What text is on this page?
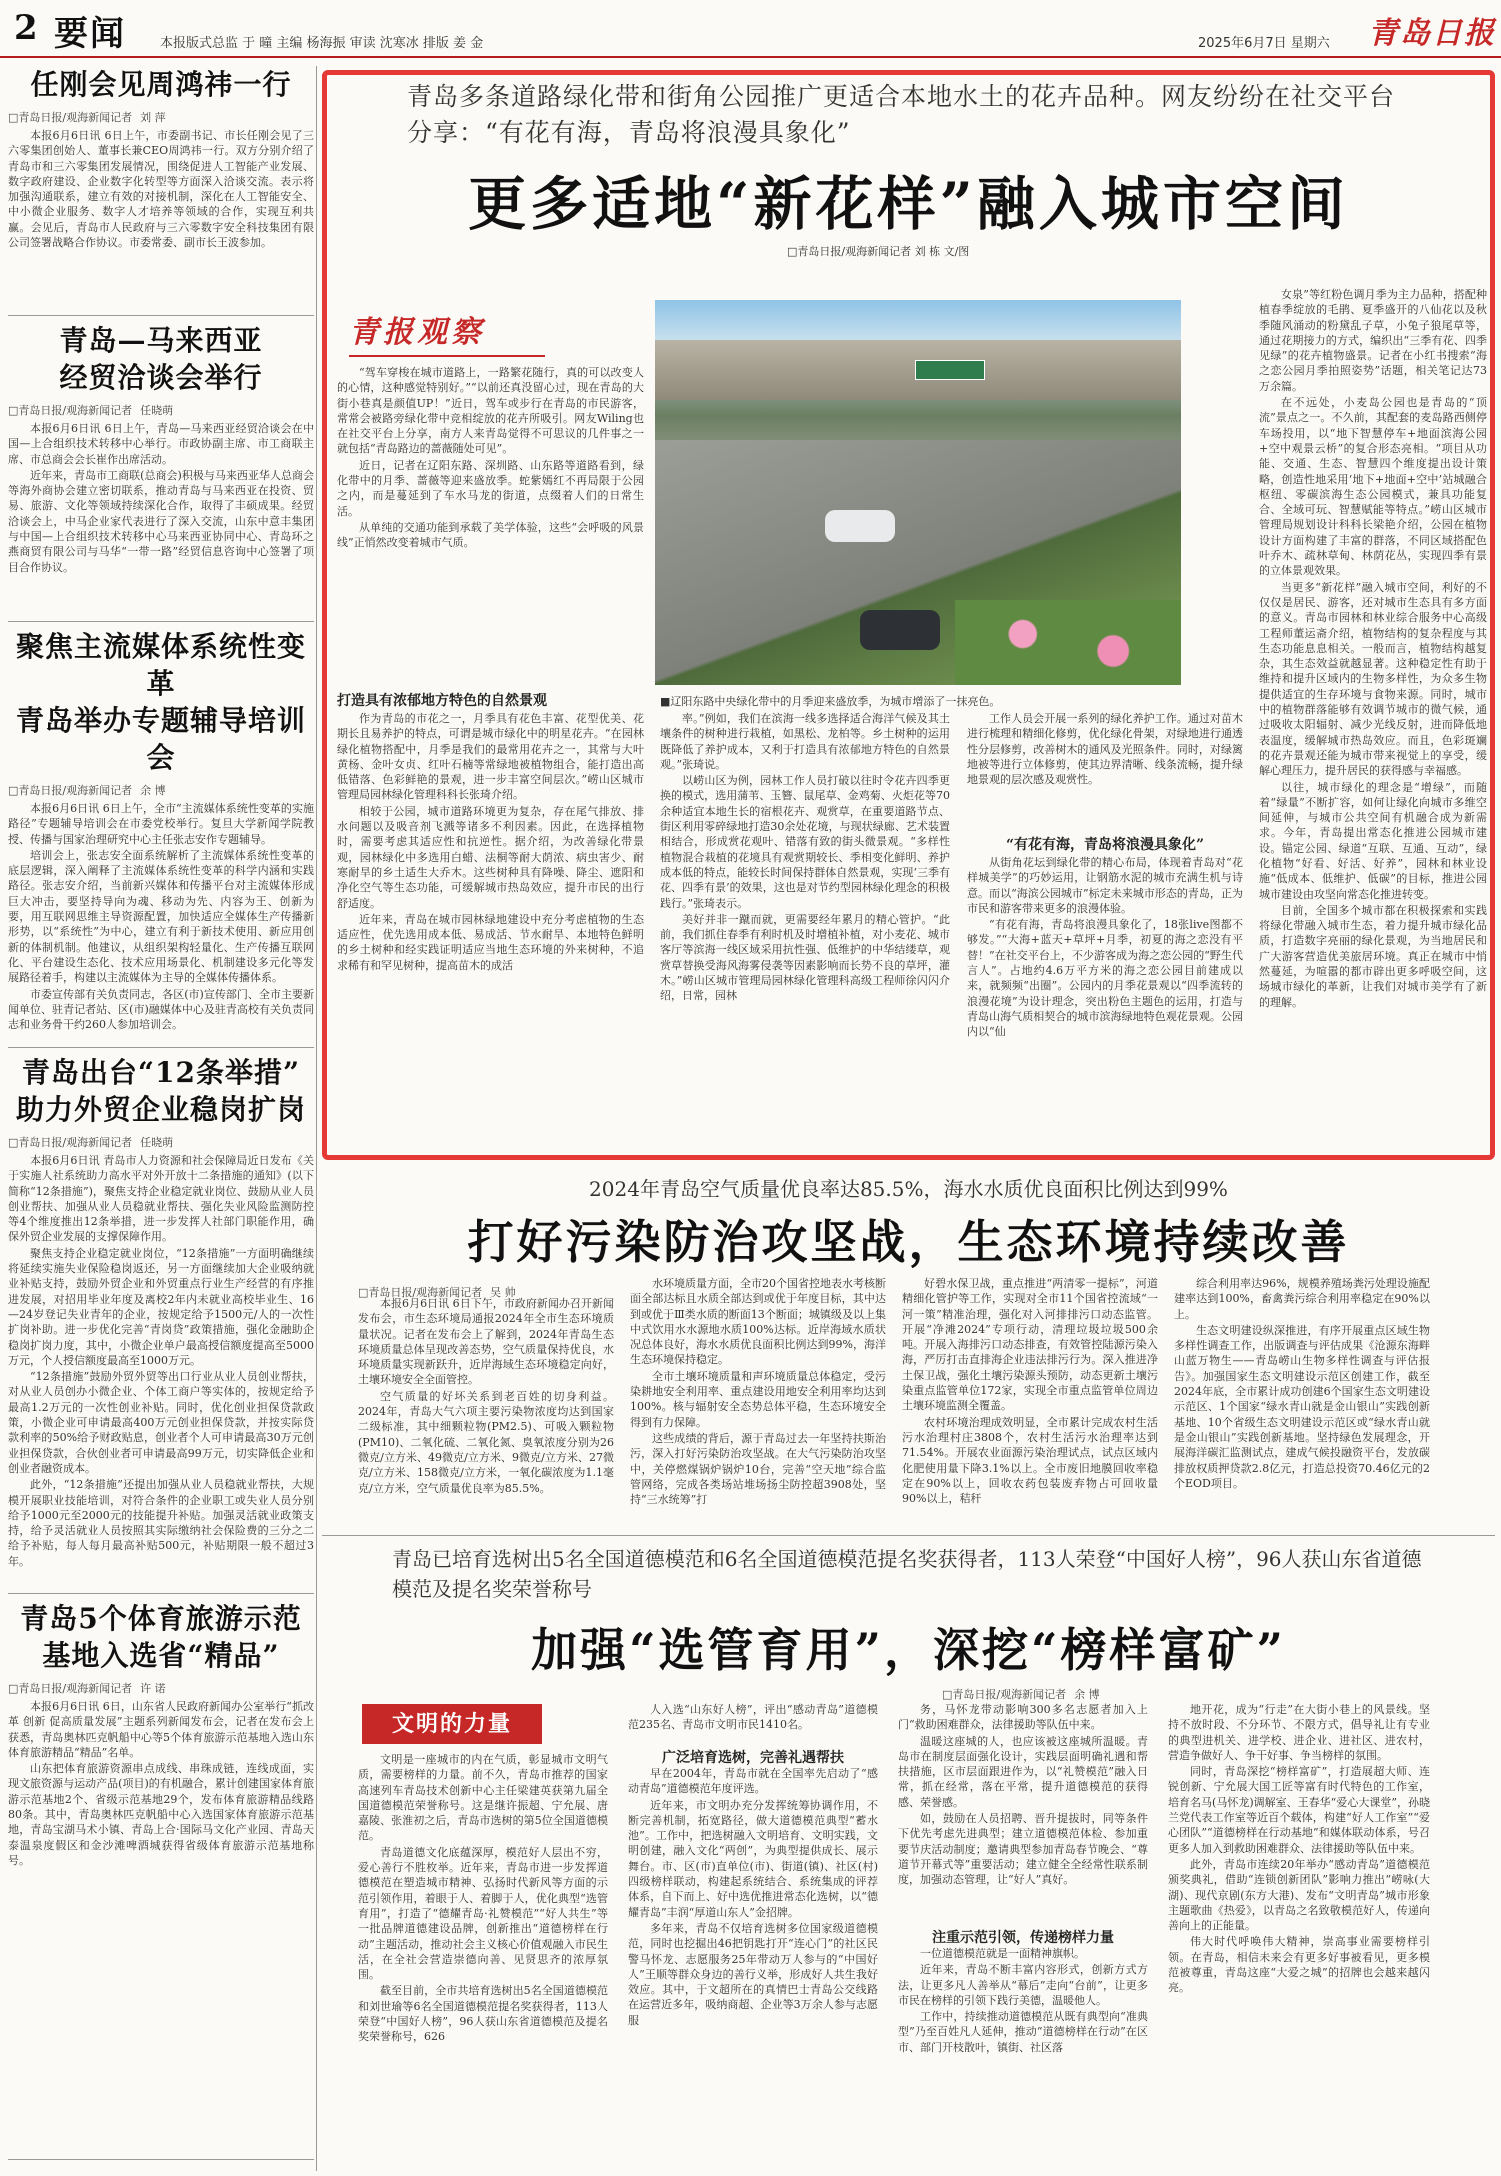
2 要闻	本报版式总监 于 曈 主编 杨海振 审读 沈寒冰 排版 姜 金	2025年6月7日 星期六 青岛日报
任刚会见周鸿祎一行
□青岛日报/观海新闻记者 刘 萍

本报6月6日讯 6日上午，市委副书记、市长任刚会见了三六零集团创始人、董事长兼CEO周鸿祎一行。双方分别介绍了青岛市和三六零集团发展情况，围绕促进人工智能产业发展、数字政府建设、企业数字化转型等方面深入洽谈交流。表示将加强沟通联系，建立有效的对接机制，深化在人工智能安全、中小微企业服务、数字人才培养等领域的合作，实现互利共赢。会见后，青岛市人民政府与三六零数字安全科技集团有限公司签署战略合作协议。市委常委、副市长王波参加。

青岛—马来西亚
经贸洽谈会举行
□青岛日报/观海新闻记者 任晓萌

本报6月6日讯 6日上午，青岛—马来西亚经贸洽谈会在中国—上合组织技术转移中心举行。市政协副主席、市工商联主席、市总商会会长崔作出席活动。

近年来，青岛市工商联(总商会)积极与马来西亚华人总商会等海外商协会建立密切联系，推动青岛与马来西亚在投资、贸易、旅游、文化等领域持续深化合作，取得了丰硕成果。经贸洽谈会上，中马企业家代表进行了深入交流，山东中意丰集团与中国—上合组织技术转移中心马来西亚协同中心、青岛环之燕商贸有限公司与马华“一带一路”经贸信息咨询中心签署了项目合作协议。

聚焦主流媒体系统性变革
青岛举办专题辅导培训会
□青岛日报/观海新闻记者 余 博

本报6月6日讯 6日上午，全市“主流媒体系统性变革的实施路径”专题辅导培训会在市委党校举行。复旦大学新闻学院教授、传播与国家治理研究中心主任张志安作专题辅导。

培训会上，张志安全面系统解析了主流媒体系统性变革的底层逻辑，深入阐释了主流媒体系统性变革的科学内涵和实践路径。张志安介绍，当前新兴媒体和传播平台对主流媒体形成巨大冲击，要坚持导向为魂、移动为先、内容为王、创新为要，用互联网思维主导资源配置，加快适应全媒体生产传播新形势，以“系统性”为中心，建立有利于新技术使用、新应用创新的体制机制。他建议，从组织架构轻量化、生产传播互联网化、平台建设生态化、技术应用场景化、机制建设多元化等发展路径着手，构建以主流媒体为主导的全媒体传播体系。

市委宣传部有关负责同志，各区(市)宣传部门、全市主要新闻单位、驻青记者站、区(市)融媒体中心及驻青高校有关负责同志和业务骨干约260人参加培训会。

青岛出台“12条举措”
助力外贸企业稳岗扩岗
□青岛日报/观海新闻记者 任晓萌

本报6月6日讯 青岛市人力资源和社会保障局近日发布《关于实施人社系统助力高水平对外开放十二条措施的通知》(以下简称“12条措施”)，聚焦支持企业稳定就业岗位、鼓励从业人员创业帮扶、加强从业人员稳就业帮扶、强化失业风险监测防控等4个维度推出12条举措，进一步发挥人社部门职能作用，确保外贸企业发展的支撑保障作用。

聚焦支持企业稳定就业岗位，“12条措施”一方面明确继续将延续实施失业保险稳岗返还，另一方面继续加大企业吸纳就业补贴支持，鼓励外贸企业和外贸重点行业生产经营的有序推进发展，对招用毕业年度及离校2年内未就业高校毕业生、16—24岁登记失业青年的企业，按规定给予1500元/人的一次性扩岗补助。进一步优化完善“青岗贷”政策措施，强化金融助企稳岗扩岗力度，其中，小微企业单户最高授信额度提高至5000万元，个人授信额度最高至1000万元。

“12条措施”鼓励外贸外贸等出口行业从业人员创业帮扶，对从业人员创办小微企业、个体工商户等实体的，按规定给予最高1.2万元的一次性创业补贴。同时，优化创业担保贷款政策，小微企业可申请最高400万元创业担保贷款，并按实际贷款利率的50%给予财政贴息，创业者个人可申请最高30万元创业担保贷款，合伙创业者可申请最高99万元，切实降低企业和创业者融资成本。

此外，“12条措施”还提出加强从业人员稳就业帮扶，大规模开展职业技能培训，对符合条件的企业职工或失业人员分别给予1000元至2000元的技能提升补贴。加强灵活就业政策支持，给予灵活就业人员按照其实际缴纳社会保险费的三分之二给予补贴，每人每月最高补贴500元，补贴期限一般不超过3年。

青岛5个体育旅游示范
基地入选省“精品”
□青岛日报/观海新闻记者 许 诺

本报6月6日讯 6日，山东省人民政府新闻办公室举行“抓改革 创新 促高质量发展”主题系列新闻发布会，记者在发布会上获悉，青岛奥林匹克帆船中心等5个体育旅游示范基地入选山东体育旅游精品“精品”名单。

山东把体育旅游资源串点成线、串珠成链，连线成面，实现文旅资源与运动产品(项目)的有机融合，累计创建国家体育旅游示范基地2个、省级示范基地29个，发布体育旅游精品线路80条。其中，青岛奥林匹克帆船中心入选国家体育旅游示范基地，青岛宝湖马术小镇、青岛上合·国际马文化产业园、青岛天泰温泉度假区和金沙滩啤酒城获得省级体育旅游示范基地称号。

青岛多条道路绿化带和街角公园推广更适合本地水土的花卉品种。网友纷纷在社交平台分享：“有花有海，青岛将浪漫具象化”
更多适地“新花样”融入城市空间
□青岛日报/观海新闻记者 刘 栋 文/图
青报观察

“驾车穿梭在城市道路上，一路繁花随行，真的可以改变人的心情，这种感觉特别好。”“以前还真没留心过，现在青岛的大街小巷真是颜值UP！”近日，驾车或步行在青岛的市民游客，常常会被路旁绿化带中竞相绽放的花卉所吸引。网友Wiling也在社交平台上分享，南方人来青岛觉得不可思议的几件事之一就包括“青岛路边的蔷薇随处可见”。

近日，记者在辽阳东路、深圳路、山东路等道路看到，绿化带中的月季、蔷薇等迎来盛放季。蛇紫嫣红不再局限于公园之内，而是蔓延到了车水马龙的街道，点缀着人们的日常生活。

从单纯的交通功能到承载了美学体验，这些“会呼吸的风景线”正悄然改变着城市气质。

打造具有浓郁地方特色的自然景观

作为青岛的市花之一，月季具有花色丰富、花型优美、花期长且易养护的特点，可谓是城市绿化中的明星花卉。“在园林绿化植物搭配中，月季是我们的最常用花卉之一，其常与大叶黄杨、金叶女贞、红叶石楠等常绿地被植物组合，能打造出高低错落、色彩鲜艳的景观，进一步丰富空间层次。”崂山区城市管理局园林绿化管理科科长张琦介绍。

相较于公园，城市道路环境更为复杂，存在尾气排放、排水问题以及吸音剂飞溅等诸多不利因素。因此，在选择植物时，需要考虑其适应性和抗逆性。据介绍，为改善绿化带景观，园林绿化中多选用白蜡、法桐等耐大荫浓、病虫害少、耐寒耐旱的乡土适生大乔木。这些树种具有降噪、降尘、遮阳和净化空气等生态功能，可缓解城市热岛效应，提升市民的出行舒适度。

近年来，青岛在城市园林绿地建设中充分考虑植物的生态适应性，优先选用成本低、易成活、节水耐旱、本地特色鲜明的乡土树种和经实践证明适应当地生态环境的外来树种，不追求稀有和罕见树种，提高苗木的成活

率。”例如，我们在滨海一线多选择适合海洋气候及其土壤条件的树种进行栽植，如黑松、龙柏等。乡土树种的运用既降低了养护成本，又利于打造具有浓郁地方特色的自然景观。”张琦说。

以崂山区为例，园林工作人员打破以往时令花卉四季更换的模式，选用蒲苇、玉簪、鼠尾草、金鸡菊、火炬花等70余种适宜本地生长的宿根花卉、观赏草，在重要道路节点、街区利用零碎绿地打造30余处花境，与现状绿廊、艺术装置相结合，形成赏花观叶、错落有致的街头微景观。“多样性植物混合栽植的花境具有观赏期较长、季相变化鲜明、养护成本低的特点，能较长时间保持群体自然景观，实现‘三季有花、四季有景’的效果，这也是对节约型园林绿化理念的积极践行。”张琦表示。

美好并非一蹴而就，更需要经年累月的精心管护。“此前，我们抓住春季有利时机及时增植补植，对小麦花、城市客厅等滨海一线区域采用抗性强、低维护的中华结缕草，观赏草替换受海风海雾侵袭等因素影响而长势不良的草坪，灌木。”崂山区城市管理局园林绿化管理科高级工程师徐闪闪介绍，日常，园林

工作人员会开展一系列的绿化养护工作。通过对苗木进行梳理和精细化修剪，优化绿化骨架，对绿地进行通透性分层修剪，改善树木的通风及光照条件。同时，对绿篱地被等进行立体修剪，使其边界清晰、线条流畅，提升绿地景观的层次感及观赏性。

“有花有海，青岛将浪漫具象化”

从街角花坛到绿化带的精心布局，体现着青岛对“花样城美学”的巧妙运用，让钢筋水泥的城市充满生机与诗意。而以“海滨公园城市”标定未来城市形态的青岛，正为市民和游客带来更多的浪漫体验。

“有花有海，青岛将浪漫具象化了，18张live图都不够发。”“大海+蓝天+草坪+月季，初夏的海之恋没有平替！”在社交平台上，不少游客成为海之恋公园的“野生代言人”。占地约4.6万平方米的海之恋公园目前建成以来，就频频“出圈”。公园内的月季花景观以“四季流转的浪漫花境”为设计理念，突出粉色主题色的运用，打造与青岛山海气质相契合的城市滨海绿地特色观花景观。公园内以“仙

女泉”等红粉色调月季为主力品种，搭配种植春季绽放的毛鹃、夏季盛开的八仙花以及秋季随风涌动的粉黛乱子草，小兔子狼尾草等，通过花期接力的方式，编织出“三季有花、四季见绿”的花卉植物盛景。记者在小红书搜索“海之恋公园月季拍照姿势”话题，相关笔记达73万余篇。

在不远处，小麦岛公园也是青岛的“顶流”景点之一。不久前，其配套的麦岛路西侧停车场投用，以“地下智慧停车+地面滨海公园+空中观景云桥”的复合形态亮相。“项目从功能、交通、生态、智慧四个维度提出设计策略，创造性地采用‘地下+地面+空中’站城融合枢纽、零碳滨海生态公园模式，兼具功能复合、全域可玩、智慧赋能等特点。”崂山区城市管理局规划设计科科长梁艳介绍，公园在植物设计方面构建了丰富的群落，不同区域搭配色叶乔木、疏林草甸、林荫花丛，实现四季有景的立体景观效果。

当更多“新花样”融入城市空间，利好的不仅仅是居民、游客，还对城市生态具有多方面的意义。青岛市园林和林业综合服务中心高级工程师董运斋介绍，植物结构的复杂程度与其生态功能息息相关。一般而言，植物结构越复杂，其生态效益就越显著。这种稳定性有助于维持和提升区域内的生物多样性，为众多生物提供适宜的生存环境与食物来源。同时，城市中的植物群落能够有效调节城市的微气候，通过吸收太阳辐射、减少光线反射，进而降低地表温度，缓解城市热岛效应。而且，色彩斑斓的花卉景观还能为城市带来视觉上的享受，缓解心理压力，提升居民的获得感与幸福感。

以往，城市绿化的理念是“增绿”，而随着“绿量”不断扩容，如何让绿化向城市多维空间延伸，与城市公共空间有机融合成为新需求。今年，青岛提出常态化推进公园城市建设。锚定公园、绿道“互联、互通、互动”，绿化植物“好看、好活、好养”，园林和林业设施“低成本、低维护、低碳”的目标，推进公园城市建设由攻坚向常态化推进转变。

目前，全国多个城市都在积极探索和实践将绿化带融入城市生态，着力提升城市绿化品质，打造数字亮丽的绿化景观，为当地居民和广大游客营造优美旅居环境。真正在城市中悄然蔓延，为喧嚣的都市辟出更多呼吸空间，这场城市绿化的革新，让我们对城市美学有了新的理解。

■辽阳东路中央绿化带中的月季迎来盛放季，为城市增添了一抹亮色。
2024年青岛空气质量优良率达85.5%，海水水质优良面积比例达到99%
打好污染防治攻坚战，生态环境持续改善
□青岛日报/观海新闻记者 吴 帅

本报6月6日讯 6日下午，市政府新闻办召开新闻发布会，市生态环境局通报2024年全市生态环境质量状况。记者在发布会上了解到，2024年青岛生态环境质量总体呈现改善态势，空气质量保持优良，水环境质量实现新跃升，近岸海域生态环境稳定向好，土壤环境安全全面管控。

空气质量的好坏关系到老百姓的切身利益。2024年，青岛大气六项主要污染物浓度均达到国家二级标准，其中细颗粒物(PM2.5)、可吸入颗粒物(PM10)、二氧化硫、二氧化氮、臭氧浓度分别为26微克/立方米、49微克/立方米、9微克/立方米、27微克/立方米、158微克/立方米，一氧化碳浓度为1.1毫克/立方米，空气质量优良率为85.5%。

水环境质量方面，全市20个国省控地表水考核断面全部达标且水质全部达到或优于年度目标，其中达到或优于Ⅲ类水质的断面13个断面；城镇级及以上集中式饮用水水源地水质100%达标。近岸海域水质状况总体良好，海水水质优良面积比例达到99%，海洋生态环境保持稳定。

全市土壤环境质量和声环境质量总体稳定，受污染耕地安全利用率、重点建设用地安全利用率均达到100%。核与辐射安全态势总体平稳，生态环境安全得到有力保障。

这些成绩的背后，源于青岛过去一年坚持扶斯治污，深入打好污染防治攻坚战。在大气污染防治攻坚中，关停燃煤锅炉锅炉10台，完善“空天地”综合监管网络，完成各类场站堆场扬尘防控超3908处，坚持“三水统筹”打

好碧水保卫战，重点推进“两清零一提标”，河道精细化管护等工作，实现对全市11个国省控流域“一河一策”精准治理，强化对入河排排污口动态监管。开展“净滩2024”专项行动，清理垃圾垃圾500余吨。开展入海排污口动态排查，有效管控陆源污染入海，严厉打击直排海企业违法排污行为。深入推进净土保卫战，强化土壤污染源头预防，动态更新土壤污染重点监管单位172家，实现全市重点监管单位周边土壤环境监测全覆盖。

农村环境治理成效明显，全市累计完成农村生活污水治理村庄3808个，农村生活污水治理率达到71.54%。开展农业面源污染治理试点，试点区域内化肥使用量下降3.1%以上。全市废旧地膜回收率稳定在90%以上，回收农药包装废弃物占可回收量90%以上，秸秆

综合利用率达96%，规模养殖场粪污处理设施配建率达到100%，畜禽粪污综合利用率稳定在90%以上。

生态文明建设纵深推进，有序开展重点区域生物多样性调查工作，出版调查与评估成果《沧源东海畔 山蓝万物生——青岛崂山生物多样性调查与评估报告》。加强国家生态文明建设示范区创建工作，截至2024年底，全市累计成功创建6个国家生态文明建设示范区、1个国家“绿水青山就是金山银山”实践创新基地、10个省级生态文明建设示范区或“绿水青山就是金山银山”实践创新基地。坚持绿色发展理念，开展海洋碳汇监测试点，建成气候投融资平台，发放碳排放权质押贷款2.8亿元，打造总投资70.46亿元的2个EOD项目。

青岛已培育选树出5名全国道德模范和6名全国道德模范提名奖获得者，113人荣登“中国好人榜”，96人获山东省道德模范及提名奖荣誉称号
加强“选管育用”，深挖“榜样富矿”
□青岛日报/观海新闻记者 余 博
文明的力量

文明是一座城市的内在气质，彰显城市文明气质，需要榜样的力量。前不久，青岛市推荐的国家高速列车青岛技术创新中心主任梁建英获第九届全国道德模范荣誉称号。这是继许振超、宁允展、唐嘉陵、张淮初之后，青岛市选树的第5位全国道德模范。

青岛道德文化底蕴深厚，模范好人层出不穷，爱心善行不胜枚举。近年来，青岛市进一步发挥道德模范在塑造城市精神、弘扬时代新风等方面的示范引领作用，着眼于人、着脚于人，优化典型“选管育用”，打造了“德耀青岛·礼赞模范”“好人共生”等一批品牌道德建设品牌，创新推出“道德榜样在行动”主题活动，推动社会主义核心价值观融入市民生活，在全社会营造崇德向善、见贤思齐的浓厚氛围。

截至目前，全市共培育选树出5名全国道德模范和刘世瑜等6名全国道德模范提名奖获得者，113人荣登“中国好人榜”，96人获山东省道德模范及提名奖荣誉称号，626

人入选“山东好人榜”，评出“感动青岛”道德模范235名、青岛市文明市民1410名。

广泛培育选树，完善礼遇帮扶

早在2004年，青岛市就在全国率先启动了“感动青岛”道德模范年度评选。

近年来，市文明办充分发挥统筹协调作用，不断完善机制，拓宽路径，做大道德模范典型“蓄水池”。工作中，把选树融入文明培育、文明实践，文明创建，融入文化“两创”，为典型提供成长、展示舞台。市、区(市)直单位(市)、街道(镇)、社区(村)四级榜样联动，构建起系统结合、系统集成的评荐体系，自下而上、好中选优推进常态化选树，以“德耀青岛”丰润“厚道山东人”金招牌。

多年来，青岛不仅培育选树多位国家级道德模范，同时也挖掘出46把钥匙打开“连心门”的社区民警马怀龙、志愿服务25年带动万人参与的“中国好人”王顺等群众身边的善行义举，形成好人共生我好效应。其中，于文超所在的真情巴士青岛公交线路在运营近多年，吸纳商超、企业等3万余人参与志愿服

务，马怀龙带动影响300多名志愿者加入上门“救助困难群众，法律援助等队伍中来。

温暖这座城的人，也应该被这座城所温暖。青岛市在制度层面强化设计，实践层面明确礼遇和帮扶措施，区市层面跟进作为，以“礼赞模范”融入日常，抓在经常，落在平常，提升道德模范的获得感、荣誉感。

如，鼓励在人员招聘、晋升提拔时，同等条件下优先考虑先进典型；建立道德模范体检、参加重要节庆活动制度；邀请典型参加青岛春节晚会、“尊道节开幕式等”重要活动；建立健全全经常性联系制度，加强动态管理，让“好人”真好。

注重示范引领，传递榜样力量

一位道德模范就是一面精神旗帜。

近年来，青岛不断丰富内容形式，创新方式方法，让更多凡人善举从“幕后”走向“台前”，让更多市民在榜样的引领下践行美德，温暖他人。

工作中，持续推动道德模范从既有典型向“准典型”乃至百姓凡人延伸，推动“道德榜样在行动”在区市、部门开枝散叶，镇街、社区落

地开花，成为“行走”在大街小巷上的风景线。坚持不放时段、不分环节、不限方式，倡导礼让有专业的典型进机关、进学校、进企业、进社区、进农村，营造争做好人、争干好事、争当榜样的氛围。

同时，青岛深挖“榜样富矿”，打造展超大师、连锐创新、宁允展大国工匠等富有时代特色的工作室，培育名马(马怀龙)调解室、王春华“爱心大课堂”，孙晓兰党代表工作室等近百个载体，构建“好人工作室”“爱心团队”“道德榜样在行动基地”和媒体联动体系，号召更多人加入到救助困难群众、法律援助等队伍中来。

此外，青岛市连续20年举办“感动青岛”道德模范颁奖典礼，借助“连锁创新团队”影响力推出“崂咏(大湖)、现代京剧(东方大港)、发布“文明青岛”城市形象主题歌曲《热爱》，以青岛之名致敬模范好人，传递向善向上的正能量。

伟大时代呼唤伟大精神，崇高事业需要榜样引领。在青岛，相信未来会有更多好事被看见，更多模范被尊重，青岛这座“大爱之城”的招牌也会越来越闪亮。
